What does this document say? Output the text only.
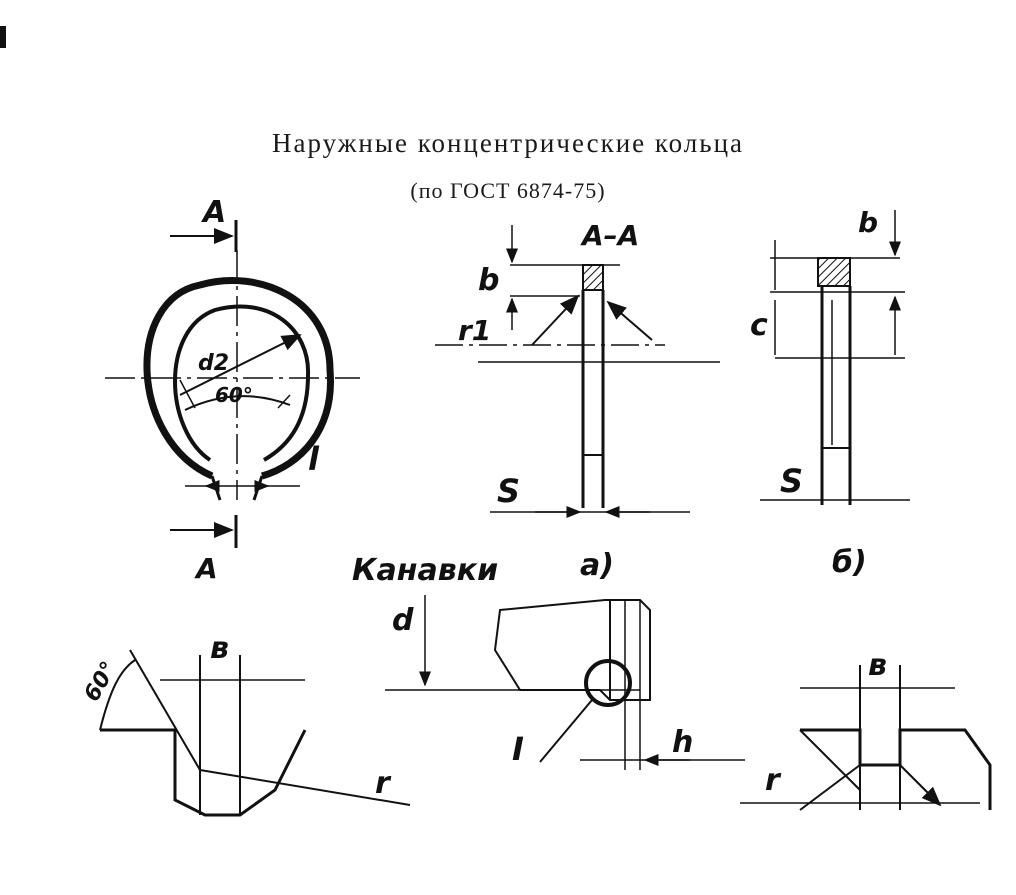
Наружные концентрические кольца
(по ГОСТ 6874-75)
A
A
d2
60°
l
A–A
b
r1
S
а)
b
c
S
б)
Канавки
d
I	h
в
60°
r
в
r
